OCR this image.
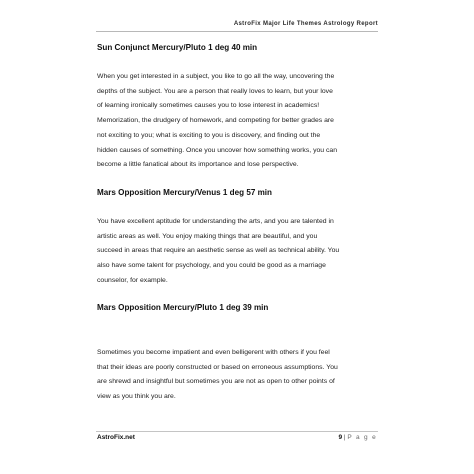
AstroFix Major Life Themes Astrology Report
Sun Conjunct Mercury/Pluto 1 deg 40 min

When you get interested in a subject, you like to go all the way, uncovering the
depths of the subject. You are a person that really loves to learn, but your love
of learning ironically sometimes causes you to lose interest in academics!
Memorization, the drudgery of homework, and competing for better grades are
not exciting to you; what is exciting to you is discovery, and finding out the
hidden causes of something. Once you uncover how something works, you can
become a little fanatical about its importance and lose perspective.

Mars Opposition Mercury/Venus 1 deg 57 min

You have excellent aptitude for understanding the arts, and you are talented in
artistic areas as well. You enjoy making things that are beautiful, and you
succeed in areas that require an aesthetic sense as well as technical ability. You
also have some talent for psychology, and you could be good as a marriage
counselor, for example.

Mars Opposition Mercury/Pluto 1 deg 39 min

Sometimes you become impatient and even belligerent with others if you feel
that their ideas are poorly constructed or based on erroneous assumptions. You
are shrewd and insightful but sometimes you are not as open to other points of
view as you think you are.

AstroFix.net	9 | P a g e
